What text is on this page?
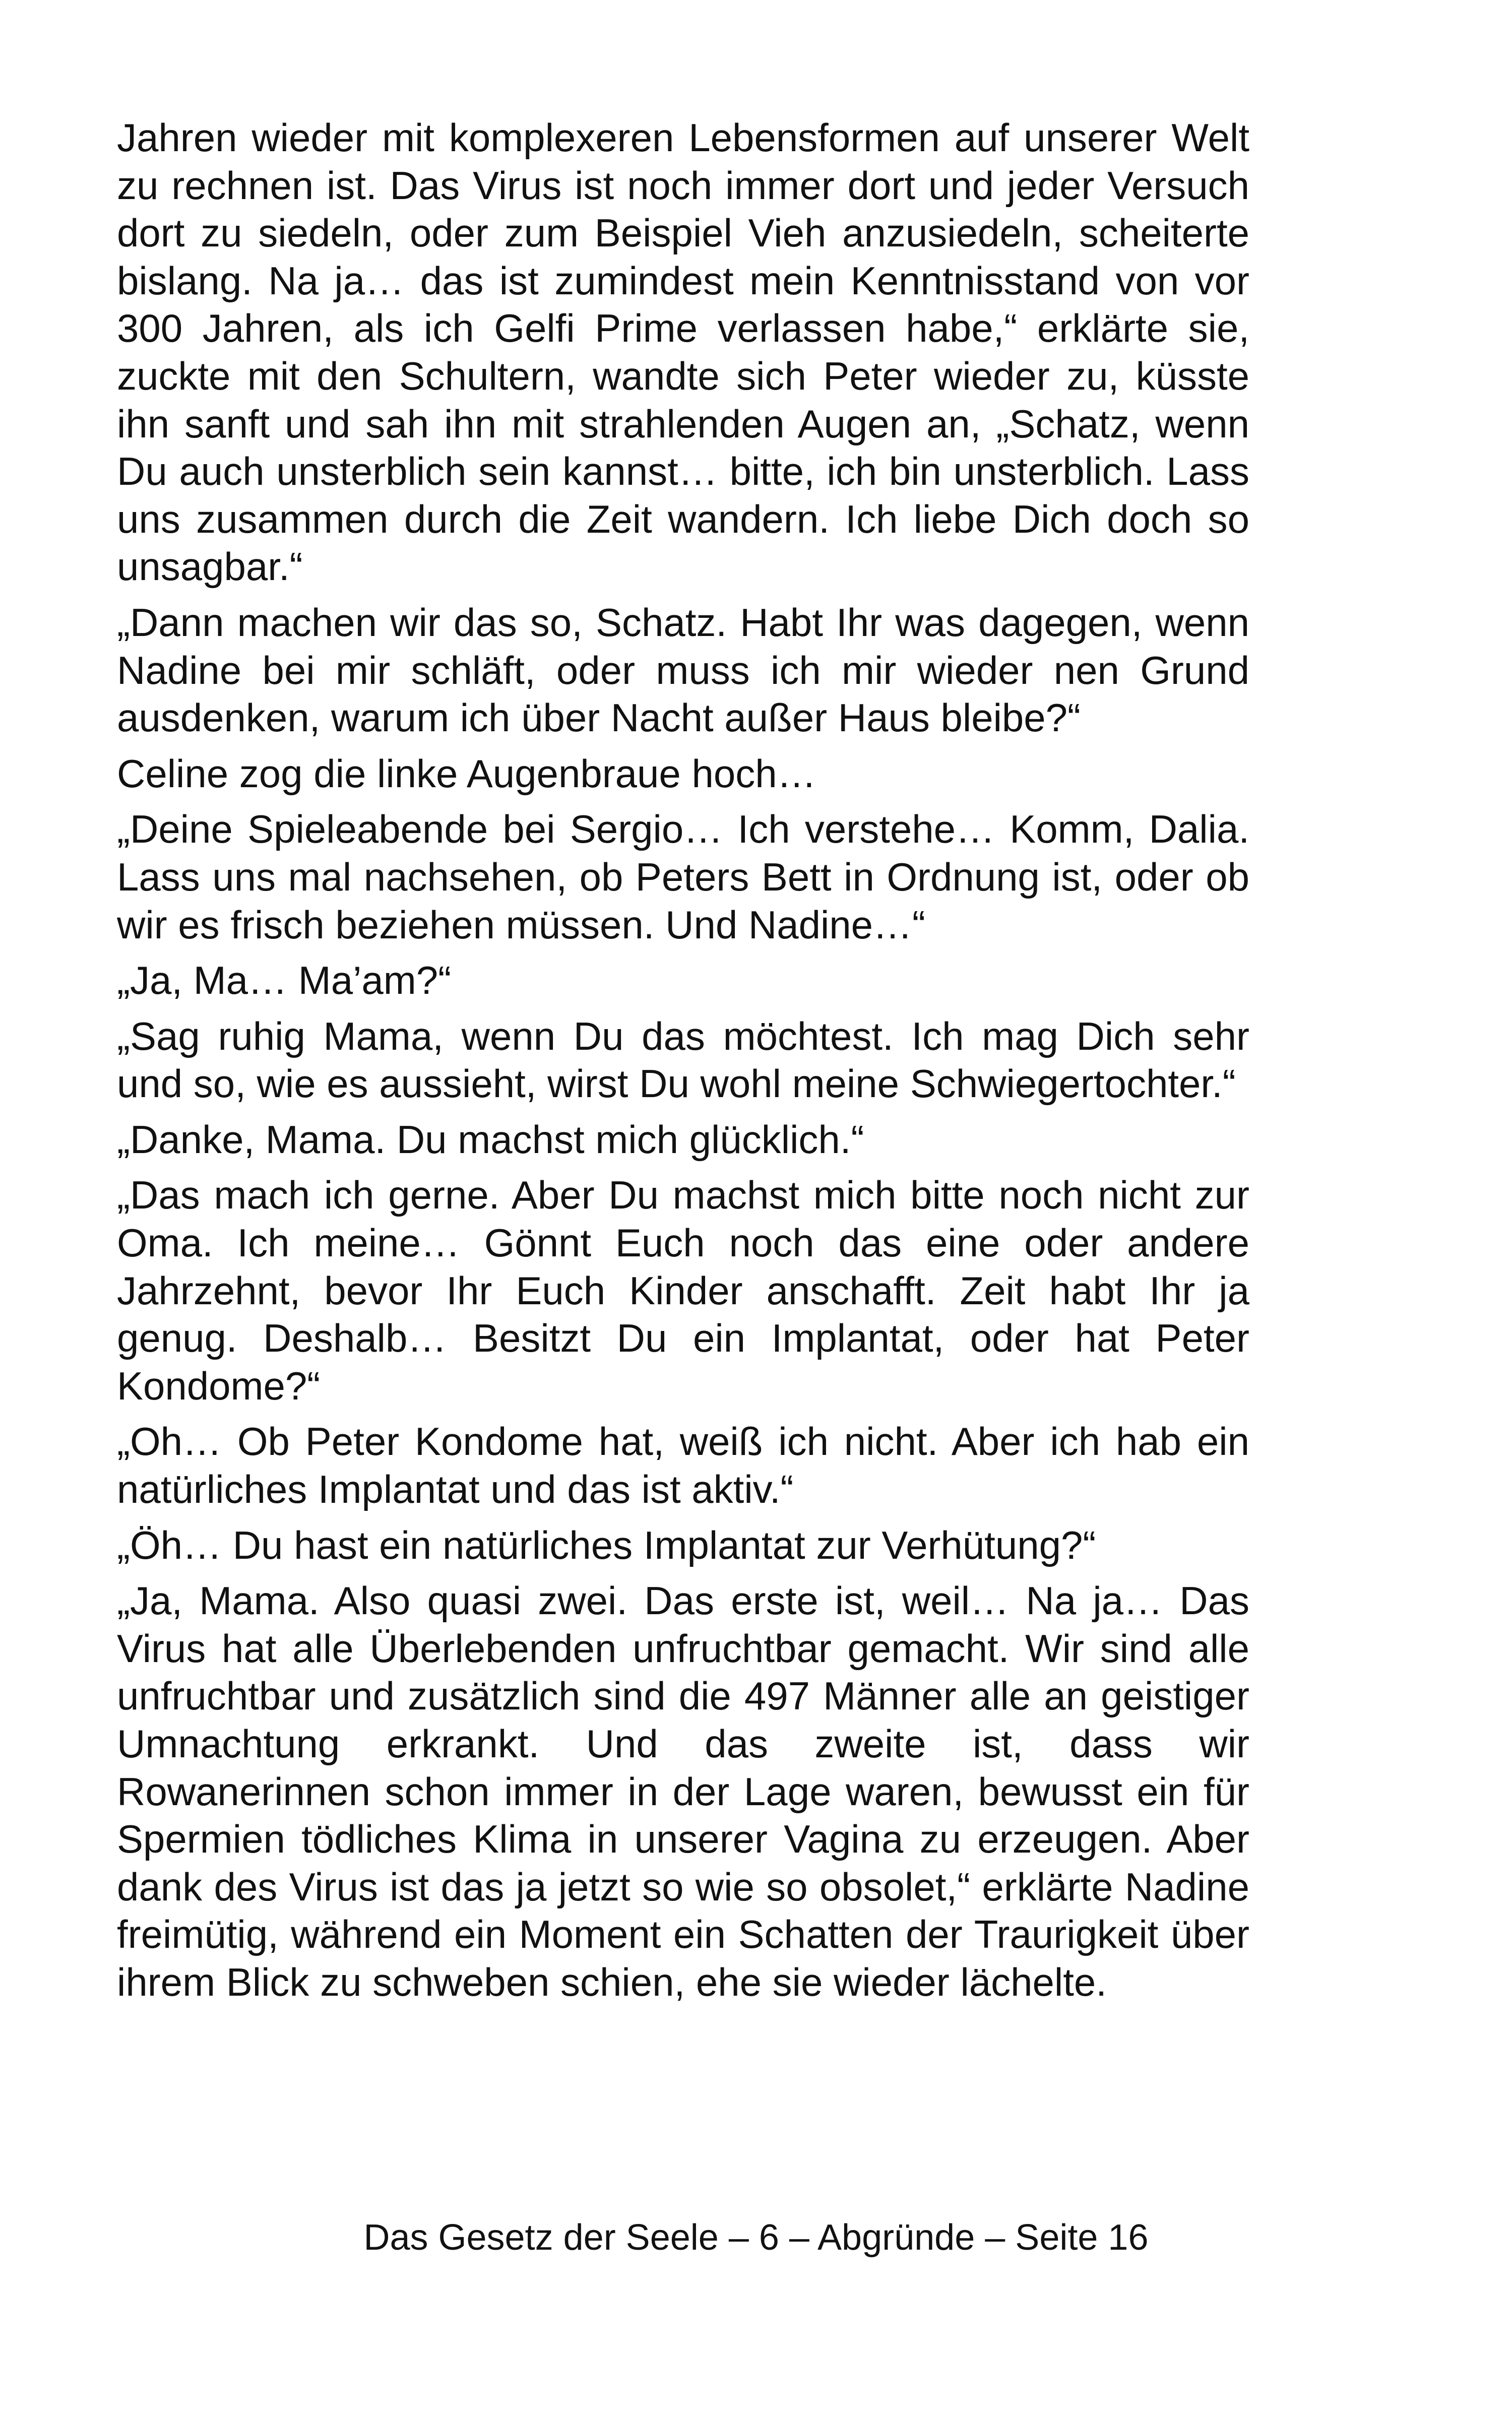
Jahren wieder mit komplexeren Lebensformen auf unserer Welt zu rechnen ist. Das Virus ist noch immer dort und jeder Versuch dort zu siedeln, oder zum Beispiel Vieh anzusiedeln, scheiterte bislang. Na ja… das ist zumindest mein Kenntnisstand von vor 300 Jahren, als ich Gelfi Prime verlassen habe,“ erklärte sie, zuckte mit den Schultern, wandte sich Peter wieder zu, küsste ihn sanft und sah ihn mit strahlenden Augen an, „Schatz, wenn Du auch unsterblich sein kannst… bitte, ich bin unsterblich. Lass uns zusammen durch die Zeit wandern. Ich liebe Dich doch so unsagbar.“

„Dann machen wir das so, Schatz. Habt Ihr was dagegen, wenn Nadine bei mir schläft, oder muss ich mir wieder nen Grund ausdenken, warum ich über Nacht außer Haus bleibe?“

Celine zog die linke Augenbraue hoch…

„Deine Spieleabende bei Sergio… Ich verstehe… Komm, Dalia. Lass uns mal nachsehen, ob Peters Bett in Ordnung ist, oder ob wir es frisch beziehen müssen. Und Nadine…“

„Ja, Ma… Ma’am?“

„Sag ruhig Mama, wenn Du das möchtest. Ich mag Dich sehr und so, wie es aussieht, wirst Du wohl meine Schwiegertochter.“

„Danke, Mama. Du machst mich glücklich.“

„Das mach ich gerne. Aber Du machst mich bitte noch nicht zur Oma. Ich meine… Gönnt Euch noch das eine oder andere Jahrzehnt, bevor Ihr Euch Kinder anschafft. Zeit habt Ihr ja genug. Deshalb… Besitzt Du ein Implantat, oder hat Peter Kondome?“

„Oh… Ob Peter Kondome hat, weiß ich nicht. Aber ich hab ein natürliches Implantat und das ist aktiv.“

„Öh… Du hast ein natürliches Implantat zur Verhütung?“

„Ja, Mama. Also quasi zwei. Das erste ist, weil… Na ja… Das Virus hat alle Überlebenden unfruchtbar gemacht. Wir sind alle unfruchtbar und zusätzlich sind die 497 Männer alle an geistiger Umnachtung erkrankt. Und das zweite ist, dass wir Rowanerinnen schon immer in der Lage waren, bewusst ein für Spermien tödliches Klima in unserer Vagina zu erzeugen. Aber dank des Virus ist das ja jetzt so wie so obsolet,“ erklärte Nadine freimütig, während ein Moment ein Schatten der Traurigkeit über ihrem Blick zu schweben schien, ehe sie wieder lächelte.

Das Gesetz der Seele – 6 – Abgründe – Seite 16
